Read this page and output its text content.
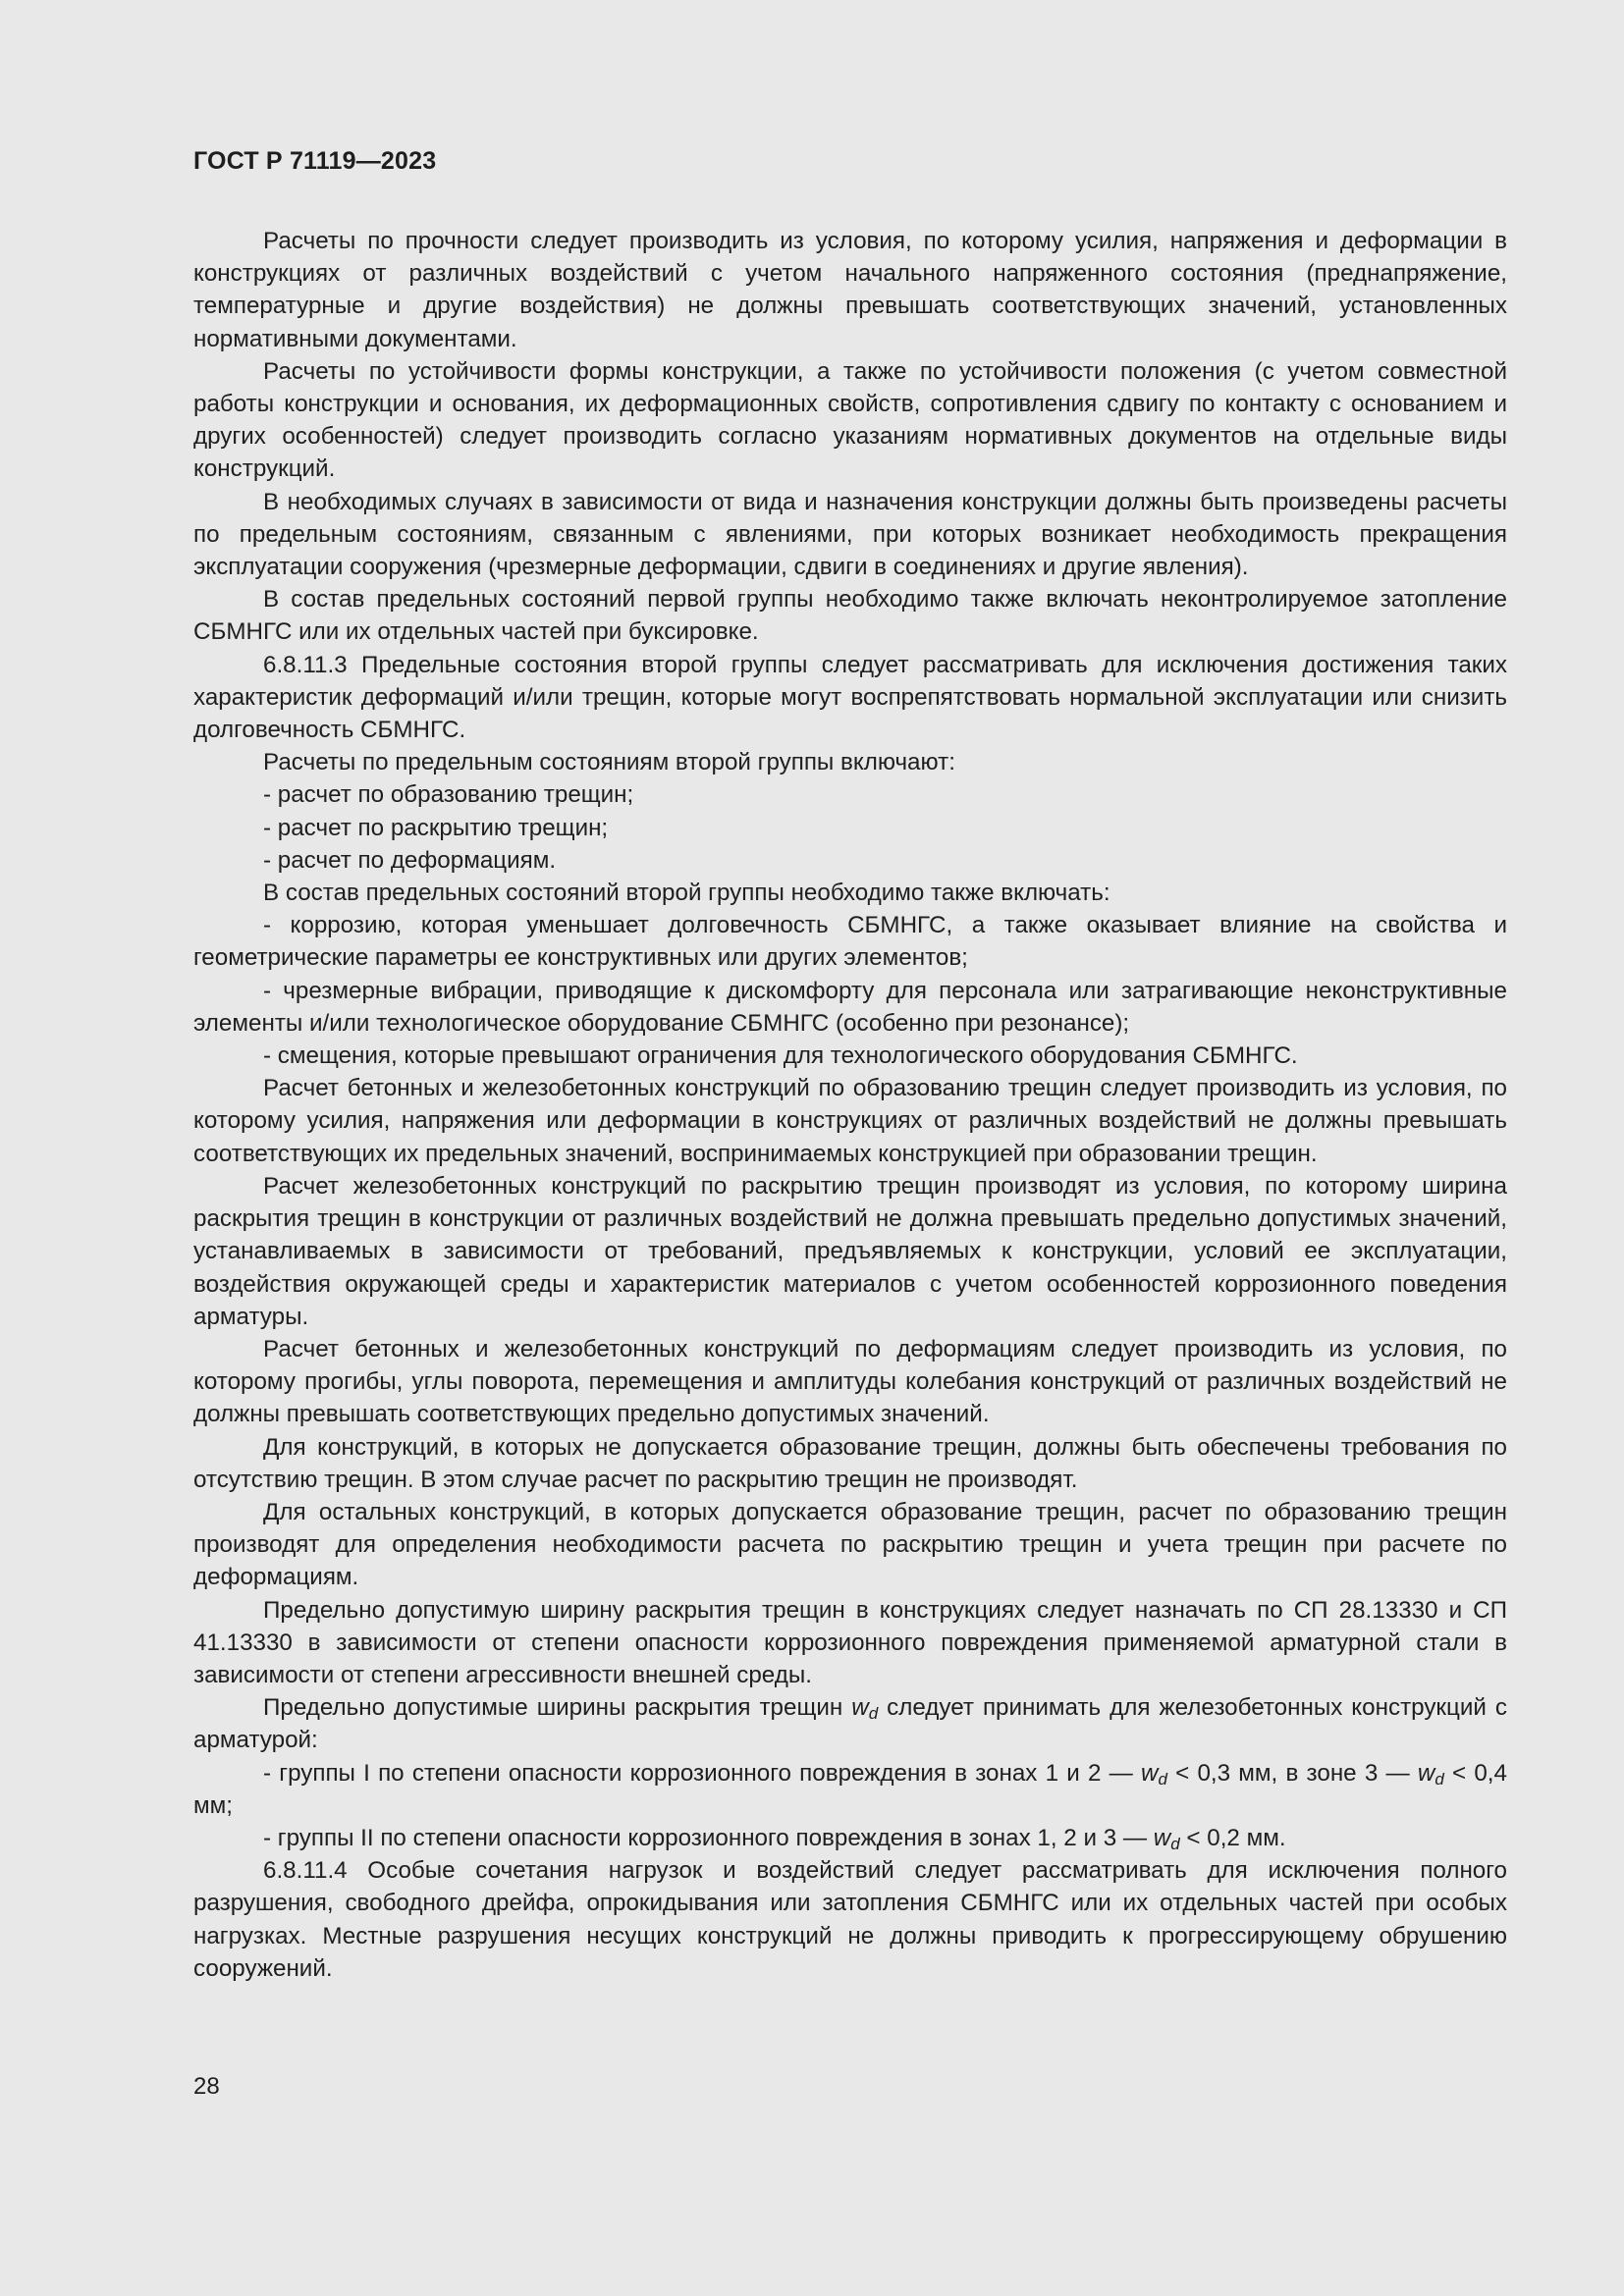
ГОСТ Р 71119—2023

Расчеты по прочности следует производить из условия, по которому усилия, напряжения и деформации в конструкциях от различных воздействий с учетом начального напряженного состояния (преднапряжение, температурные и другие воздействия) не должны превышать соответствующих значений, установленных нормативными документами.

Расчеты по устойчивости формы конструкции, а также по устойчивости положения (с учетом совместной работы конструкции и основания, их деформационных свойств, сопротивления сдвигу по контакту с основанием и других особенностей) следует производить согласно указаниям нормативных документов на отдельные виды конструкций.

В необходимых случаях в зависимости от вида и назначения конструкции должны быть произведены расчеты по предельным состояниям, связанным с явлениями, при которых возникает необходимость прекращения эксплуатации сооружения (чрезмерные деформации, сдвиги в соединениях и другие явления).

В состав предельных состояний первой группы необходимо также включать неконтролируемое затопление СБМНГС или их отдельных частей при буксировке.

6.8.11.3 Предельные состояния второй группы следует рассматривать для исключения достижения таких характеристик деформаций и/или трещин, которые могут воспрепятствовать нормальной эксплуатации или снизить долговечность СБМНГС.

Расчеты по предельным состояниям второй группы включают:

- расчет по образованию трещин;

- расчет по раскрытию трещин;

- расчет по деформациям.

В состав предельных состояний второй группы необходимо также включать:

- коррозию, которая уменьшает долговечность СБМНГС, а также оказывает влияние на свойства и геометрические параметры ее конструктивных или других элементов;

- чрезмерные вибрации, приводящие к дискомфорту для персонала или затрагивающие неконструктивные элементы и/или технологическое оборудование СБМНГС (особенно при резонансе);

- смещения, которые превышают ограничения для технологического оборудования СБМНГС.

Расчет бетонных и железобетонных конструкций по образованию трещин следует производить из условия, по которому усилия, напряжения или деформации в конструкциях от различных воздействий не должны превышать соответствующих их предельных значений, воспринимаемых конструкцией при образовании трещин.

Расчет железобетонных конструкций по раскрытию трещин производят из условия, по которому ширина раскрытия трещин в конструкции от различных воздействий не должна превышать предельно допустимых значений, устанавливаемых в зависимости от требований, предъявляемых к конструкции, условий ее эксплуатации, воздействия окружающей среды и характеристик материалов с учетом особенностей коррозионного поведения арматуры.

Расчет бетонных и железобетонных конструкций по деформациям следует производить из условия, по которому прогибы, углы поворота, перемещения и амплитуды колебания конструкций от различных воздействий не должны превышать соответствующих предельно допустимых значений.

Для конструкций, в которых не допускается образование трещин, должны быть обеспечены требования по отсутствию трещин. В этом случае расчет по раскрытию трещин не производят.

Для остальных конструкций, в которых допускается образование трещин, расчет по образованию трещин производят для определения необходимости расчета по раскрытию трещин и учета трещин при расчете по деформациям.

Предельно допустимую ширину раскрытия трещин в конструкциях следует назначать по СП 28.13330 и СП 41.13330 в зависимости от степени опасности коррозионного повреждения применяемой арматурной стали в зависимости от степени агрессивности внешней среды.

Предельно допустимые ширины раскрытия трещин $w_d$ следует принимать для железобетонных конструкций с арматурой:

- группы I по степени опасности коррозионного повреждения в зонах 1 и 2 — $w_d < 0,3$ мм, в зоне 3 — $w_d < 0,4$ мм;

- группы II по степени опасности коррозионного повреждения в зонах 1, 2 и 3 — $w_d < 0,2$ мм.

6.8.11.4 Особые сочетания нагрузок и воздействий следует рассматривать для исключения полного разрушения, свободного дрейфа, опрокидывания или затопления СБМНГС или их отдельных частей при особых нагрузках. Местные разрушения несущих конструкций не должны приводить к прогрессирующему обрушению сооружений.

28
